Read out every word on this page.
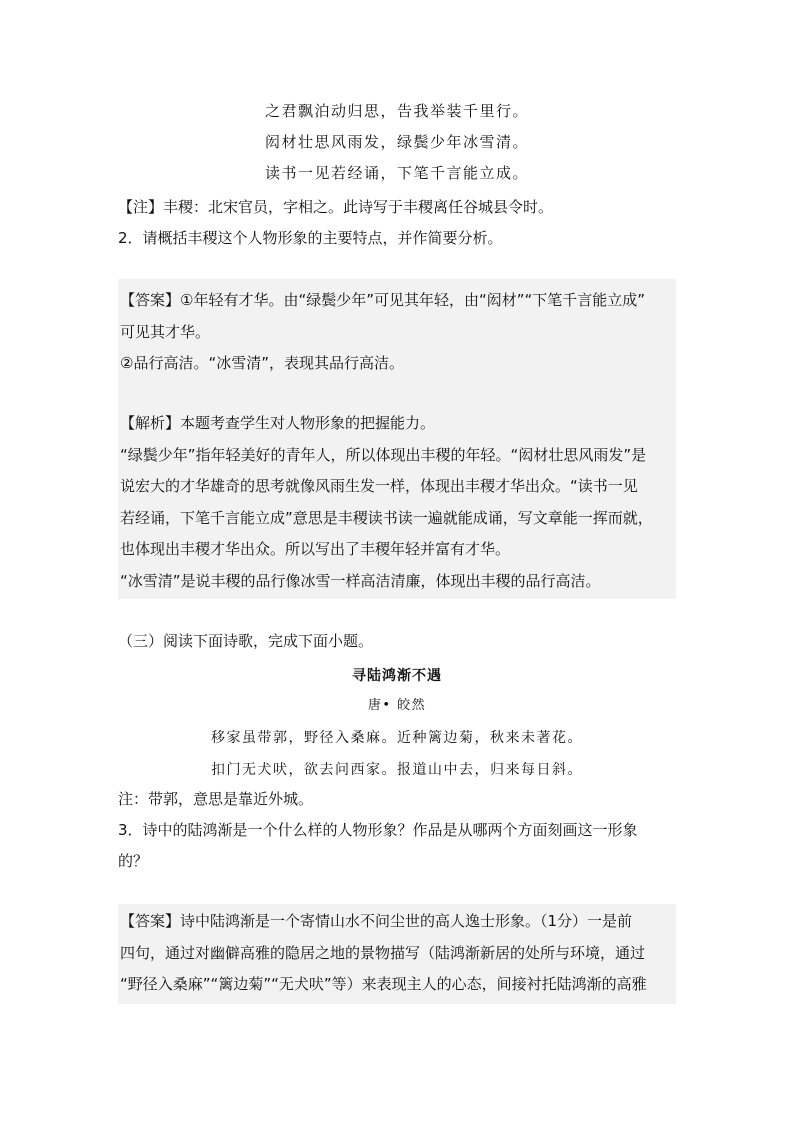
之君飘泊动归思，告我举装千里行。
闳材壮思风雨发，绿鬓少年冰雪清。
读书一见若经诵，下笔千言能立成。
【注】丰稷：北宋官员，字相之。此诗写于丰稷离任谷城县令时。
2．请概括丰稷这个人物形象的主要特点，并作简要分析。
【答案】①年轻有才华。由“绿鬓少年”可见其年轻，由“闳材”“下笔千言能立成”
可见其才华。
②品行高洁。“冰雪清”，表现其品行高洁。
【解析】本题考查学生对人物形象的把握能力。
“绿鬓少年”指年轻美好的青年人，所以体现出丰稷的年轻。“闳材壮思风雨发”是
说宏大的才华雄奇的思考就像风雨生发一样，体现出丰稷才华出众。“读书一见
若经诵，下笔千言能立成”意思是丰稷读书读一遍就能成诵，写文章能一挥而就，
也体现出丰稷才华出众。所以写出了丰稷年轻并富有才华。
“冰雪清”是说丰稷的品行像冰雪一样高洁清廉，体现出丰稷的品行高洁。
（三）阅读下面诗歌，完成下面小题。
寻陆鸿渐不遇
唐• 皎然
移家虽带郭，野径入桑麻。近种篱边菊，秋来未著花。
扣门无犬吠，欲去问西家。报道山中去，归来每日斜。
注：带郭，意思是靠近外城。
3．诗中的陆鸿渐是一个什么样的人物形象？作品是从哪两个方面刻画这一形象
的？
【答案】诗中陆鸿渐是一个寄情山水不问尘世的高人逸士形象。（1分）一是前
四句，通过对幽僻高雅的隐居之地的景物描写（陆鸿渐新居的处所与环境，通过
“野径入桑麻”“篱边菊”“无犬吠”等）来表现主人的心态，间接衬托陆鸿渐的高雅
